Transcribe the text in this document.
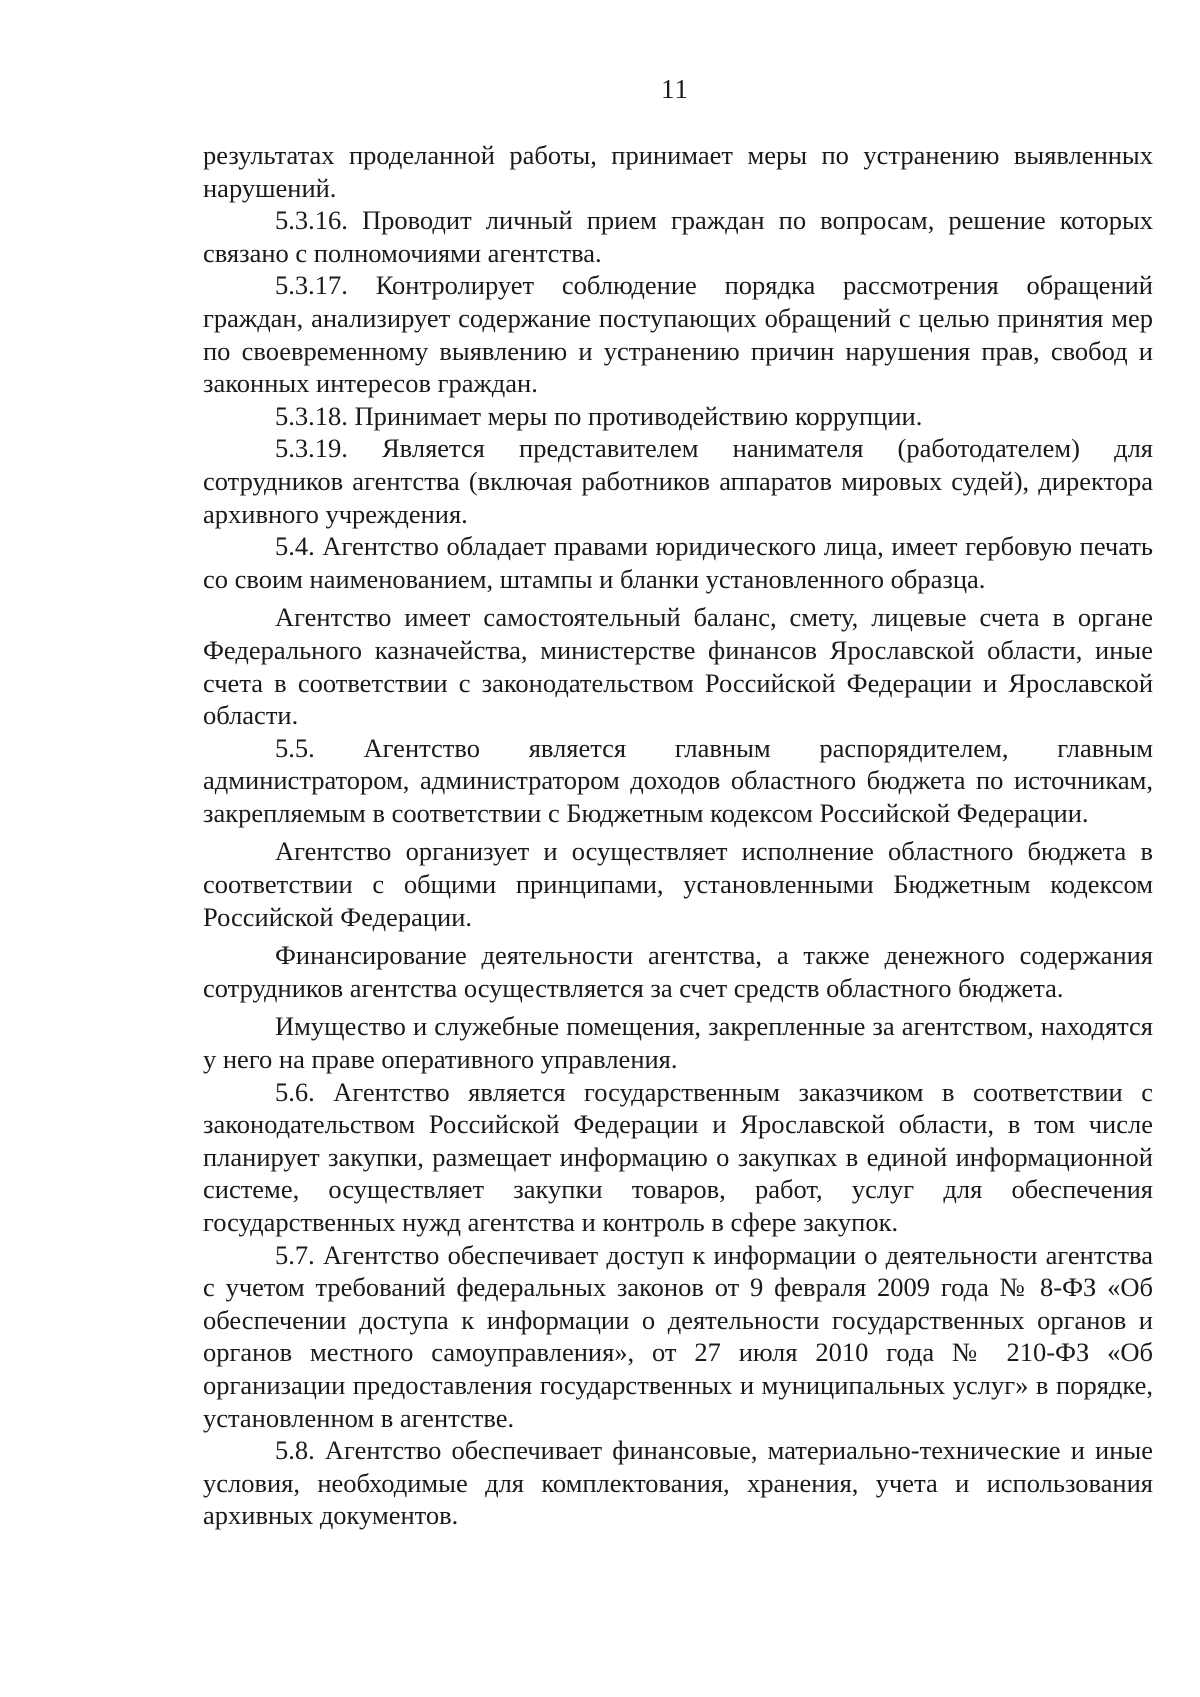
11

результатах проделанной работы, принимает меры по устранению выявленных нарушений.

5.3.16. Проводит личный прием граждан по вопросам, решение которых связано с полномочиями агентства.

5.3.17. Контролирует соблюдение порядка рассмотрения обращений граждан, анализирует содержание поступающих обращений с целью принятия мер по своевременному выявлению и устранению причин нарушения прав, свобод и законных интересов граждан.

5.3.18. Принимает меры по противодействию коррупции.

5.3.19. Является представителем нанимателя (работодателем) для сотрудников агентства (включая работников аппаратов мировых судей), директора архивного учреждения.

5.4. Агентство обладает правами юридического лица, имеет гербовую печать со своим наименованием, штампы и бланки установленного образца.

Агентство имеет самостоятельный баланс, смету, лицевые счета в органе Федерального казначейства, министерстве финансов Ярославской области, иные счета в соответствии с законодательством Российской Федерации и Ярославской области.

5.5. Агентство является главным распорядителем, главным администратором, администратором доходов областного бюджета по источникам, закрепляемым в соответствии с Бюджетным кодексом Российской Федерации.

Агентство организует и осуществляет исполнение областного бюджета в соответствии с общими принципами, установленными Бюджетным кодексом Российской Федерации.

Финансирование деятельности агентства, а также денежного содержания сотрудников агентства осуществляется за счет средств областного бюджета.

Имущество и служебные помещения, закрепленные за агентством, находятся у него на праве оперативного управления.

5.6. Агентство является государственным заказчиком в соответствии с законодательством Российской Федерации и Ярославской области, в том числе планирует закупки, размещает информацию о закупках в единой информационной системе, осуществляет закупки товаров, работ, услуг для обеспечения государственных нужд агентства и контроль в сфере закупок.

5.7. Агентство обеспечивает доступ к информации о деятельности агентства с учетом требований федеральных законов от 9 февраля 2009 года № 8-ФЗ «Об обеспечении доступа к информации о деятельности государственных органов и органов местного самоуправления», от 27 июля 2010 года № 210-ФЗ «Об организации предоставления государственных и муниципальных услуг» в порядке, установленном в агентстве.

5.8. Агентство обеспечивает финансовые, материально-технические и иные условия, необходимые для комплектования, хранения, учета и использования архивных документов.
